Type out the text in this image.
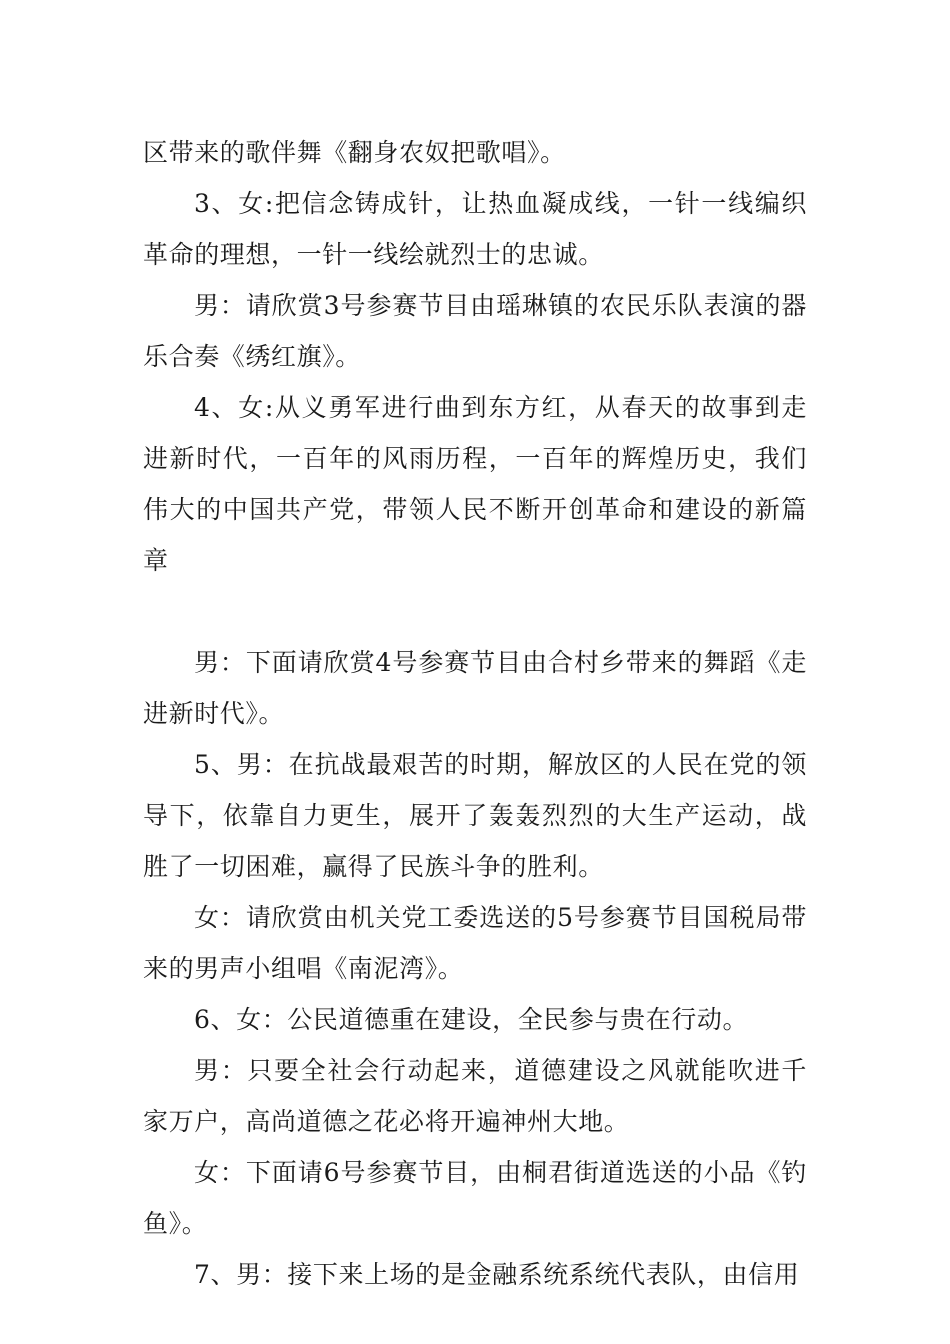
区带来的歌伴舞《翻身农奴把歌唱》。

3、女:把信念铸成针，让热血凝成线，一针一线编织革命的理想，一针一线绘就烈士的忠诚。

男：请欣赏3号参赛节目由瑶琳镇的农民乐队表演的器乐合奏《绣红旗》。

4、女:从义勇军进行曲到东方红，从春天的故事到走进新时代，一百年的风雨历程，一百年的辉煌历史，我们伟大的中国共产党，带领人民不断开创革命和建设的新篇章

男：下面请欣赏4号参赛节目由合村乡带来的舞蹈《走进新时代》。

5、男：在抗战最艰苦的时期，解放区的人民在党的领导下，依靠自力更生，展开了轰轰烈烈的大生产运动，战胜了一切困难，赢得了民族斗争的胜利。

女：请欣赏由机关党工委选送的5号参赛节目国税局带来的男声小组唱《南泥湾》。

6、女：公民道德重在建设，全民参与贵在行动。

男：只要全社会行动起来，道德建设之风就能吹进千家万户，高尚道德之花必将开遍神州大地。

女：下面请6号参赛节目，由桐君街道选送的小品《钓鱼》。

7、男：接下来上场的是金融系统系统代表队，由信用
